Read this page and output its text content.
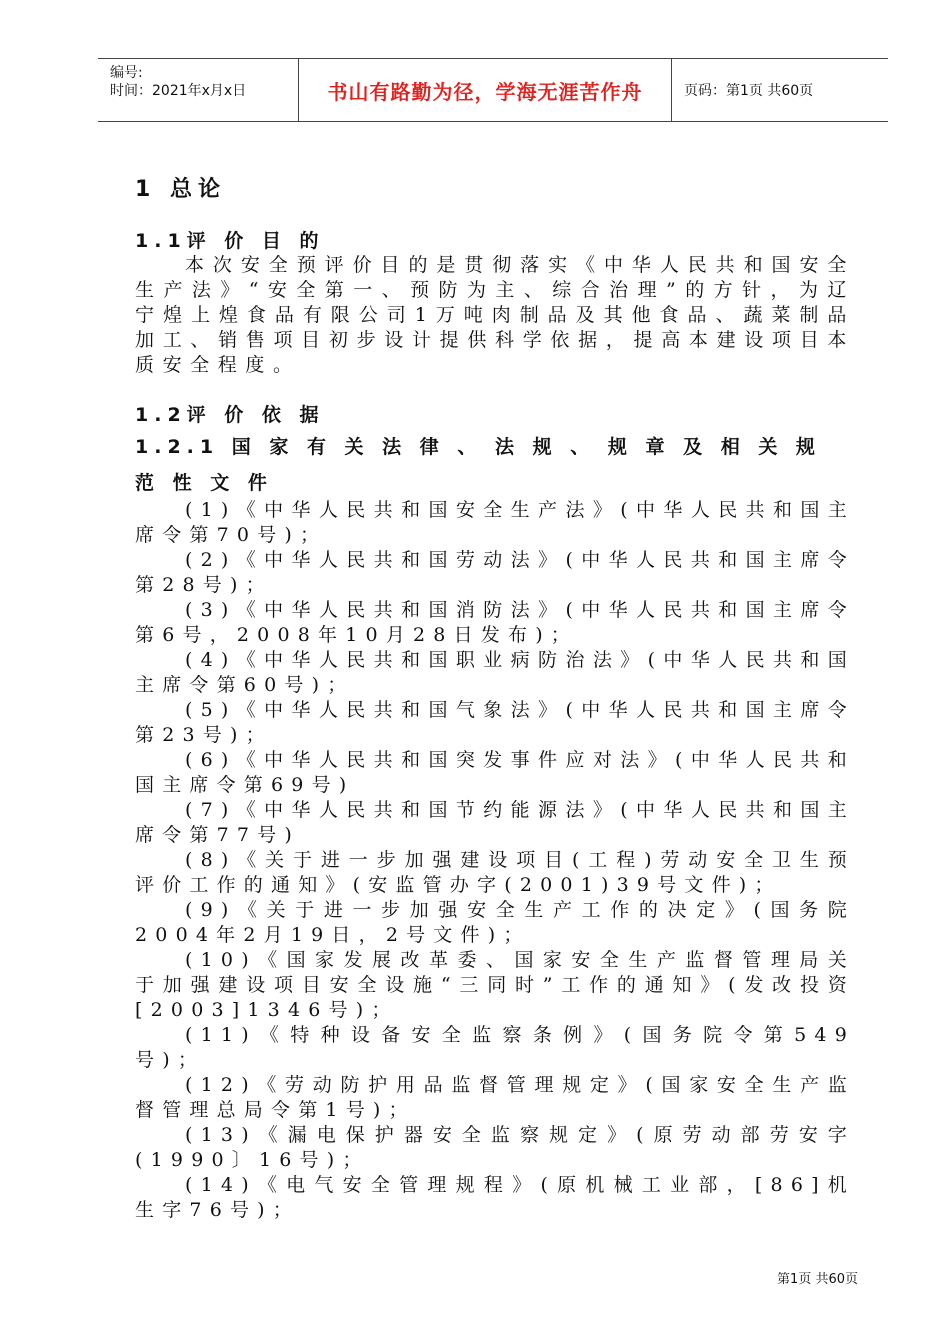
编号:
时间：2021年x月x日	书山有路勤为径，学海无涯苦作舟	页码：第1页 共60页
1 总论
1.1评 价 目 的
本次安全预评价目的是贯彻落实《中华人民共和国安全生产法》“安全第一、预防为主、综合治理”的方针，为辽宁煌上煌食品有限公司1万吨肉制品及其他食品、蔬菜制品加工、销售项目初步设计提供科学依据，提高本建设项目本质安全程度。
1.2评 价 依 据
1.2.1 国 家 有 关 法 律 、 法 规 、 规 章 及 相 关 规 范 性 文 件

(1)《中华人民共和国安全生产法》(中华人民共和国主席令第70号)；

(2)《中华人民共和国劳动法》(中华人民共和国主席令第28号)；

(3)《中华人民共和国消防法》(中华人民共和国主席令第6号，2008年10月28日发布)；

(4)《中华人民共和国职业病防治法》(中华人民共和国主席令第60号)；

(5)《中华人民共和国气象法》(中华人民共和国主席令 第23号)；

(6)《中华人民共和国突发事件应对法》(中华人民共和国主席令第69号)

(7)《中华人民共和国节约能源法》(中华人民共和国主席令第77号)

(8)《关于进一步加强建设项目(工程)劳动安全卫生预评价工作的通知》(安监管办字(2001)39号文件)；

(9)《关于进一步加强安全生产工作的决定》(国务院2004年2月19日，2号文件)；

(10)《国家发展改革委、国家安全生产监督管理局关于加强建设项目安全设施“三同时”工作的通知》(发改投资[2003]1346号)；

(11)《特种设备安全监察条例》(国务院令第549号)；

(12)《劳动防护用品监督管理规定》(国家安全生产监督管理总局令第1号)；

(13)《漏电保护器安全监察规定》(原劳动部劳安字(1990〕16号)；

(14)《电气安全管理规程》(原机械工业部，[86]机生字76号)；

第1页 共60页
